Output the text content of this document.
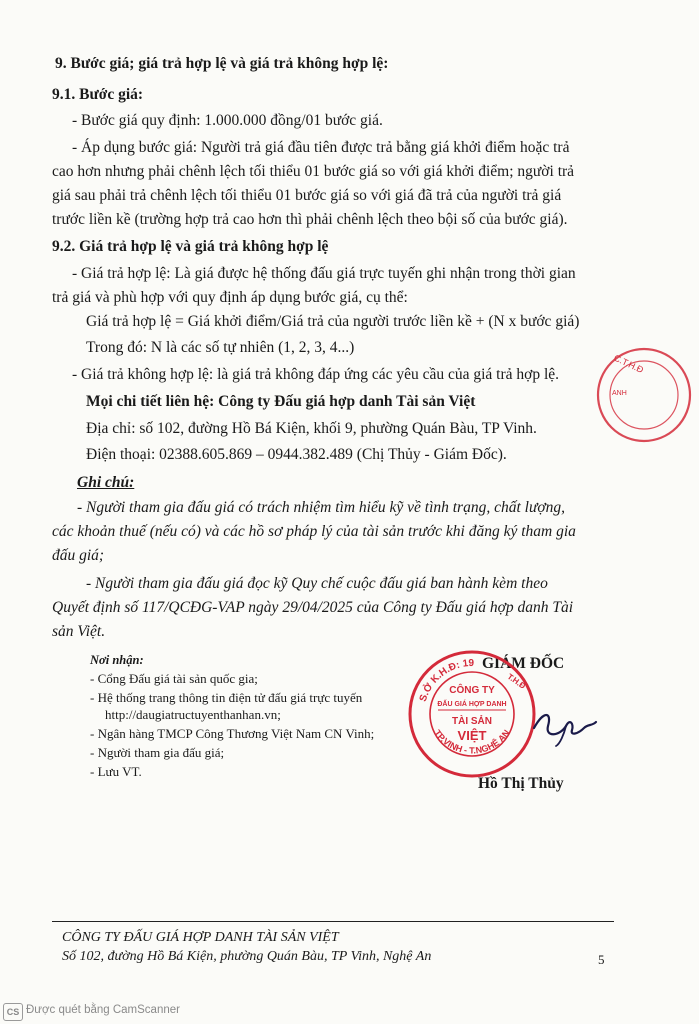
9. Bước giá; giá trả hợp lệ và giá trả không hợp lệ:
9.1. Bước giá:
- Bước giá quy định: 1.000.000 đồng/01 bước giá.
- Áp dụng bước giá: Người trả giá đầu tiên được trả bằng giá khởi điểm hoặc trả
cao hơn nhưng phải chênh lệch tối thiểu 01 bước giá so với giá khởi điểm; người trả
giá sau phải trả chênh lệch tối thiểu 01 bước giá so với giá đã trả của người trả giá
trước liền kề (trường hợp trả cao hơn thì phải chênh lệch theo bội số của bước giá).
9.2. Giá trả hợp lệ và giá trả không hợp lệ
- Giá trả hợp lệ: Là giá được hệ thống đấu giá trực tuyến ghi nhận trong thời gian
trả giá và phù hợp với quy định áp dụng bước giá, cụ thể:
Giá trả hợp lệ = Giá khởi điểm/Giá trả của người trước liền kề + (N x bước giá)
Trong đó: N là các số tự nhiên (1, 2, 3, 4...)
- Giá trả không hợp lệ: là giá trả không đáp ứng các yêu cầu của giá trả hợp lệ.
Mọi chi tiết liên hệ: Công ty Đấu giá hợp danh Tài sản Việt
Địa chỉ: số 102, đường Hồ Bá Kiện, khối 9, phường Quán Bàu, TP Vinh.
Điện thoại: 02388.605.869 – 0944.382.489 (Chị Thủy - Giám Đốc).
Ghi chú:
- Người tham gia đấu giá có trách nhiệm tìm hiểu kỹ về tình trạng, chất lượng,
các khoản thuế (nếu có) và các hồ sơ pháp lý của tài sản trước khi đăng ký tham gia
đấu giá;
- Người tham gia đấu giá đọc kỹ Quy chế cuộc đấu giá ban hành kèm theo
Quyết định số 117/QCĐG-VAP ngày 29/04/2025 của Công ty Đấu giá hợp danh Tài
sản Việt.
Nơi nhận:
- Cổng Đấu giá tài sản quốc gia;
- Hệ thống trang thông tin điện tử đấu giá trực tuyến
http://daugiatructuyenthanhan.vn;
- Ngân hàng TMCP Công Thương Việt Nam CN Vinh;
- Người tham gia đấu giá;
- Lưu VT.
C.T.H.Đ
ANH
GIÁM ĐỐC
S.Ở K.H.Đ: 19
T.H.Đ
TP.VINH - T.NGHỆ AN
CÔNG TY
ĐẤU GIÁ HỢP DANH
TÀI SẢN
VIỆT
Hồ Thị Thủy
CÔNG TY ĐẤU GIÁ HỢP DANH TÀI SẢN VIỆT
Số 102, đường Hồ Bá Kiện, phường Quán Bàu, TP Vinh, Nghệ An	5
CS Được quét bằng CamScanner
